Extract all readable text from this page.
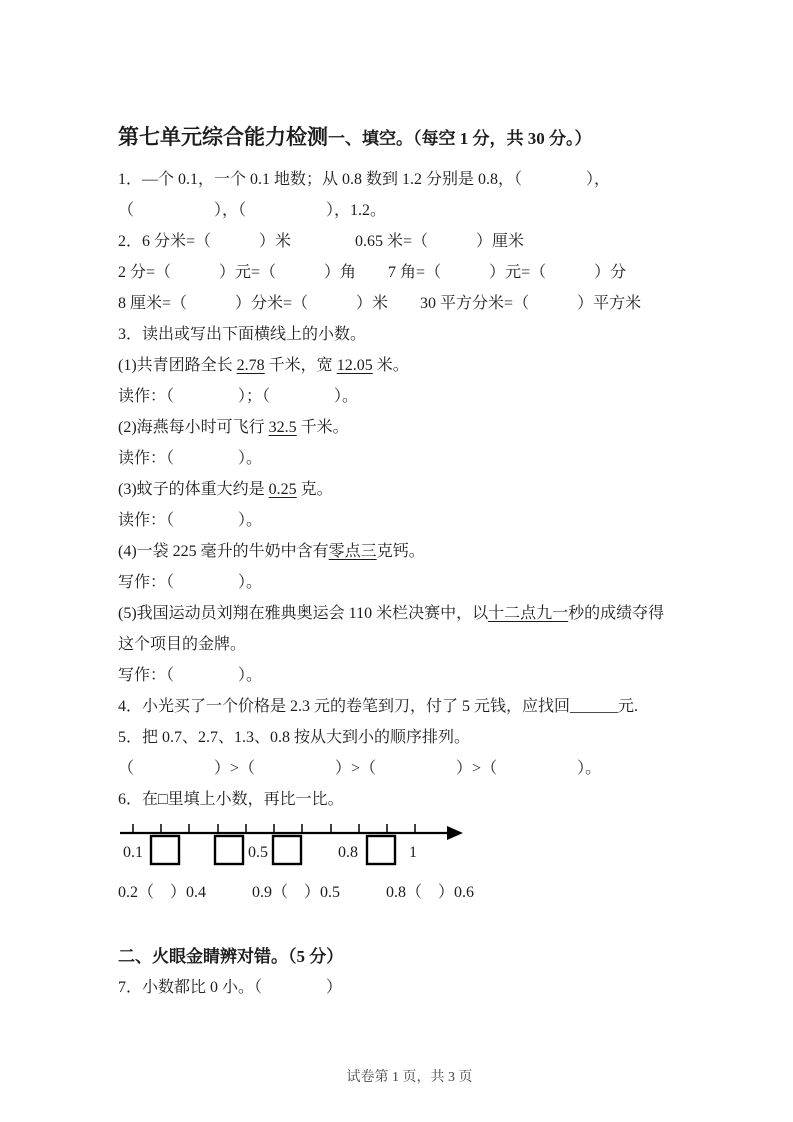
第七单元综合能力检测一、填空。（每空 1 分，共 30 分。）

1．—个 0.1，一个 0.1 地数；从 0.8 数到 1.2 分别是 0.8，（　　　　），

（　　　　　），（　　　　　），1.2。

2．6 分米=（　　　）米　　　　0.65 米=（　　　）厘米

2 分=（　　　）元=（　　　）角　　7 角=（　　　）元=（　　　）分

8 厘米=（　　　）分米=（　　　）米　　30 平方分米=（　　　）平方米

3．读出或写出下面横线上的小数。

(1)共青团路全长 2.78 千米，宽 12.05 米。

读作：（　　　　）；（　　　　）。

(2)海燕每小时可飞行 32.5 千米。

读作：（　　　　）。

(3)蚊子的体重大约是 0.25 克。

读作：（　　　　）。

(4)一袋 225 毫升的牛奶中含有零点三克钙。

写作：（　　　　）。

(5)我国运动员刘翔在雅典奥运会 110 米栏决赛中，以十二点九一秒的成绩夺得

这个项目的金牌。

写作：（　　　　）。

4．小光买了一个价格是 2.3 元的卷笔到刀，付了 5 元钱，应找回______元.

5．把 0.7、2.7、1.3、0.8 按从大到小的顺序排列。

（　　　　　）>（　　　　　）>（　　　　　）>（　　　　　）。

6．在□里填上小数，再比一比。

0.1	0.5	0.8	1
0.2（　）0.4	0.9（　）0.5	0.8（　）0.6

二、火眼金睛辨对错。（5 分）

7．小数都比 0 小。（　　　　）

试卷第 1 页，共 3 页
